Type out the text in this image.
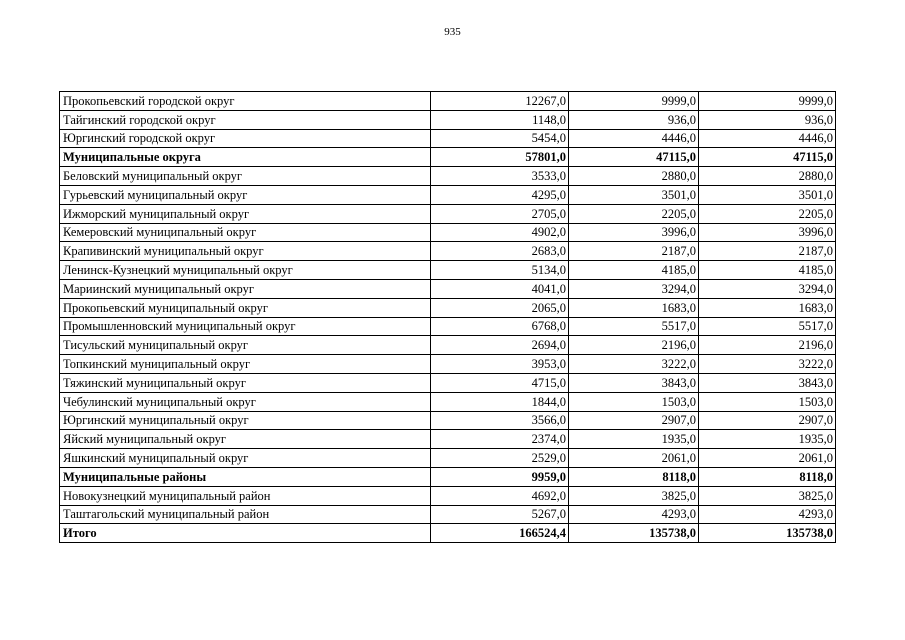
935
Прокопьевский городской округ	12267,0	9999,0	9999,0
Тайгинский городской округ	1148,0	936,0	936,0
Юргинский городской округ	5454,0	4446,0	4446,0
Муниципальные округа	57801,0	47115,0	47115,0
Беловский муниципальный округ	3533,0	2880,0	2880,0
Гурьевский муниципальный округ	4295,0	3501,0	3501,0
Ижморский муниципальный округ	2705,0	2205,0	2205,0
Кемеровский муниципальный округ	4902,0	3996,0	3996,0
Крапивинский муниципальный округ	2683,0	2187,0	2187,0
Ленинск-Кузнецкий муниципальный округ	5134,0	4185,0	4185,0
Мариинский муниципальный округ	4041,0	3294,0	3294,0
Прокопьевский муниципальный округ	2065,0	1683,0	1683,0
Промышленновский муниципальный округ	6768,0	5517,0	5517,0
Тисульский муниципальный округ	2694,0	2196,0	2196,0
Топкинский муниципальный округ	3953,0	3222,0	3222,0
Тяжинский муниципальный округ	4715,0	3843,0	3843,0
Чебулинский муниципальный округ	1844,0	1503,0	1503,0
Юргинский муниципальный округ	3566,0	2907,0	2907,0
Яйский муниципальный округ	2374,0	1935,0	1935,0
Яшкинский муниципальный округ	2529,0	2061,0	2061,0
Муниципальные районы	9959,0	8118,0	8118,0
Новокузнецкий муниципальный район	4692,0	3825,0	3825,0
Таштагольский муниципальный район	5267,0	4293,0	4293,0
Итого	166524,4	135738,0	135738,0
